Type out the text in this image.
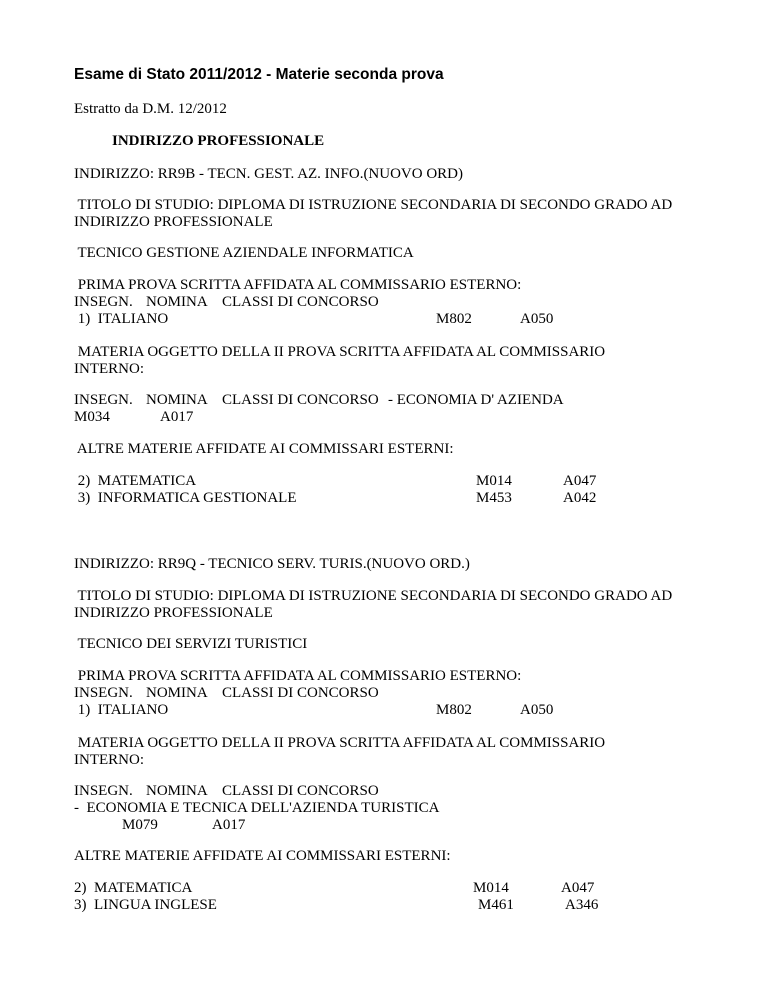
Esame di Stato 2011/2012 - Materie seconda prova
Estratto da D.M. 12/2012
INDIRIZZO PROFESSIONALE
INDIRIZZO: RR9B - TECN. GEST. AZ. INFO.(NUOVO ORD)
TITOLO DI STUDIO: DIPLOMA DI ISTRUZIONE SECONDARIA DI SECONDO GRADO AD
INDIRIZZO PROFESSIONALE
TECNICO GESTIONE AZIENDALE INFORMATICA
PRIMA PROVA SCRITTA AFFIDATA AL COMMISSARIO ESTERNO:
INSEGN. NOMINA CLASSI DI CONCORSO
1)  ITALIANO	M802	A050
MATERIA OGGETTO DELLA II PROVA SCRITTA AFFIDATA AL COMMISSARIO
INTERNO:
INSEGN. NOMINA CLASSI DI CONCORSO - ECONOMIA D' AZIENDA
M034	A017
ALTRE MATERIE AFFIDATE AI COMMISSARI ESTERNI:
2)  MATEMATICA	M014	A047
3)  INFORMATICA GESTIONALE	M453	A042
INDIRIZZO: RR9Q - TECNICO SERV. TURIS.(NUOVO ORD.)
TITOLO DI STUDIO: DIPLOMA DI ISTRUZIONE SECONDARIA DI SECONDO GRADO AD
INDIRIZZO PROFESSIONALE
TECNICO DEI SERVIZI TURISTICI
PRIMA PROVA SCRITTA AFFIDATA AL COMMISSARIO ESTERNO:
INSEGN. NOMINA CLASSI DI CONCORSO
1)  ITALIANO	M802	A050
MATERIA OGGETTO DELLA II PROVA SCRITTA AFFIDATA AL COMMISSARIO
INTERNO:
INSEGN. NOMINA CLASSI DI CONCORSO
-  ECONOMIA E TECNICA DELL'AZIENDA TURISTICA
M079	A017
ALTRE MATERIE AFFIDATE AI COMMISSARI ESTERNI:
2)  MATEMATICA	M014	A047
3)  LINGUA INGLESE	M461	A346
